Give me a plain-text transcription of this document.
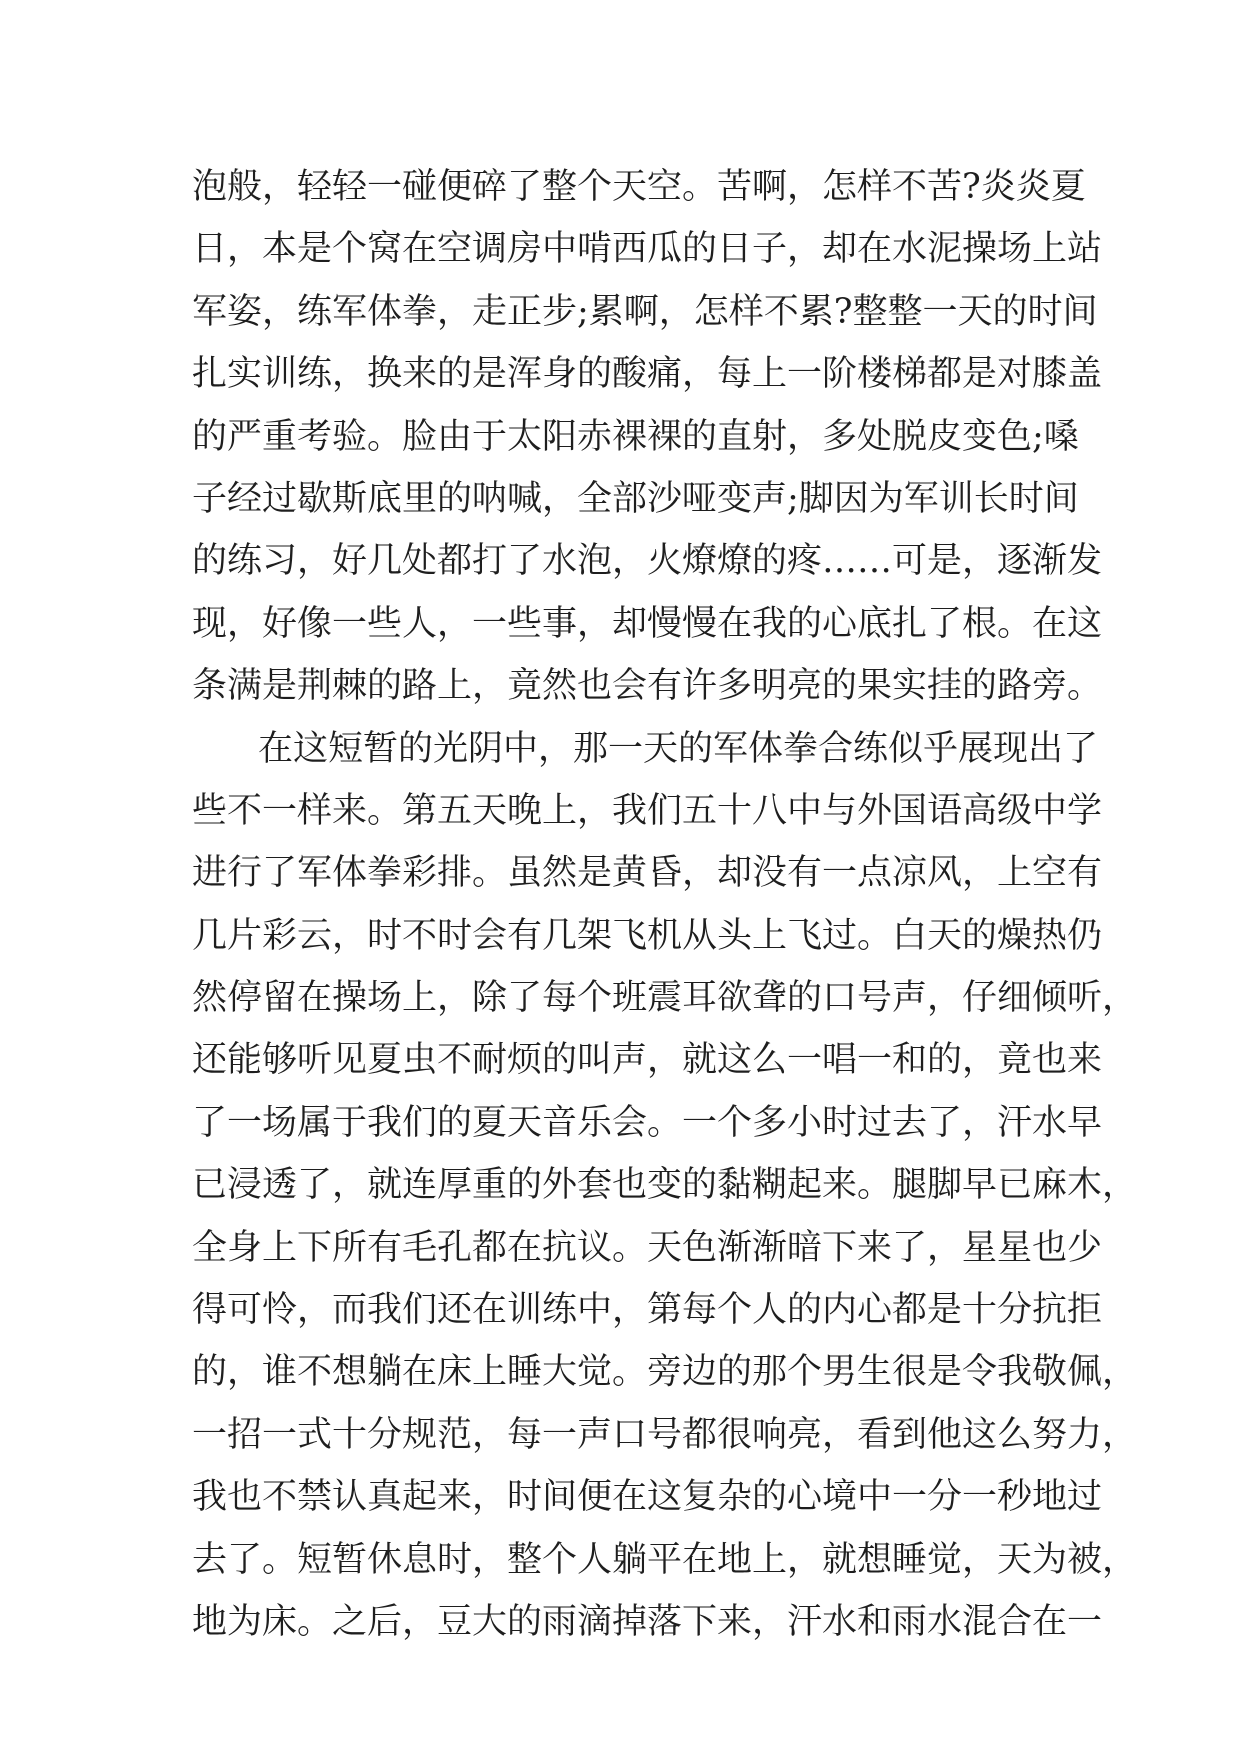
泡般，轻轻一碰便碎了整个天空。苦啊，怎样不苦?炎炎夏
日，本是个窝在空调房中啃西瓜的日子，却在水泥操场上站
军姿，练军体拳，走正步;累啊，怎样不累?整整一天的时间
扎实训练，换来的是浑身的酸痛，每上一阶楼梯都是对膝盖
的严重考验。脸由于太阳赤裸裸的直射，多处脱皮变色;嗓
子经过歇斯底里的呐喊，全部沙哑变声;脚因为军训长时间
的练习，好几处都打了水泡，火燎燎的疼……可是，逐渐发
现，好像一些人，一些事，却慢慢在我的心底扎了根。在这
条满是荆棘的路上，竟然也会有许多明亮的果实挂的路旁。
在这短暂的光阴中，那一天的军体拳合练似乎展现出了
些不一样来。第五天晚上，我们五十八中与外国语高级中学
进行了军体拳彩排。虽然是黄昏，却没有一点凉风，上空有
几片彩云，时不时会有几架飞机从头上飞过。白天的燥热仍
然停留在操场上，除了每个班震耳欲聋的口号声，仔细倾听，
还能够听见夏虫不耐烦的叫声，就这么一唱一和的，竟也来
了一场属于我们的夏天音乐会。一个多小时过去了，汗水早
已浸透了，就连厚重的外套也变的黏糊起来。腿脚早已麻木，
全身上下所有毛孔都在抗议。天色渐渐暗下来了，星星也少
得可怜，而我们还在训练中，第每个人的内心都是十分抗拒
的，谁不想躺在床上睡大觉。旁边的那个男生很是令我敬佩，
一招一式十分规范，每一声口号都很响亮，看到他这么努力，
我也不禁认真起来，时间便在这复杂的心境中一分一秒地过
去了。短暂休息时，整个人躺平在地上，就想睡觉，天为被，
地为床。之后，豆大的雨滴掉落下来，汗水和雨水混合在一
